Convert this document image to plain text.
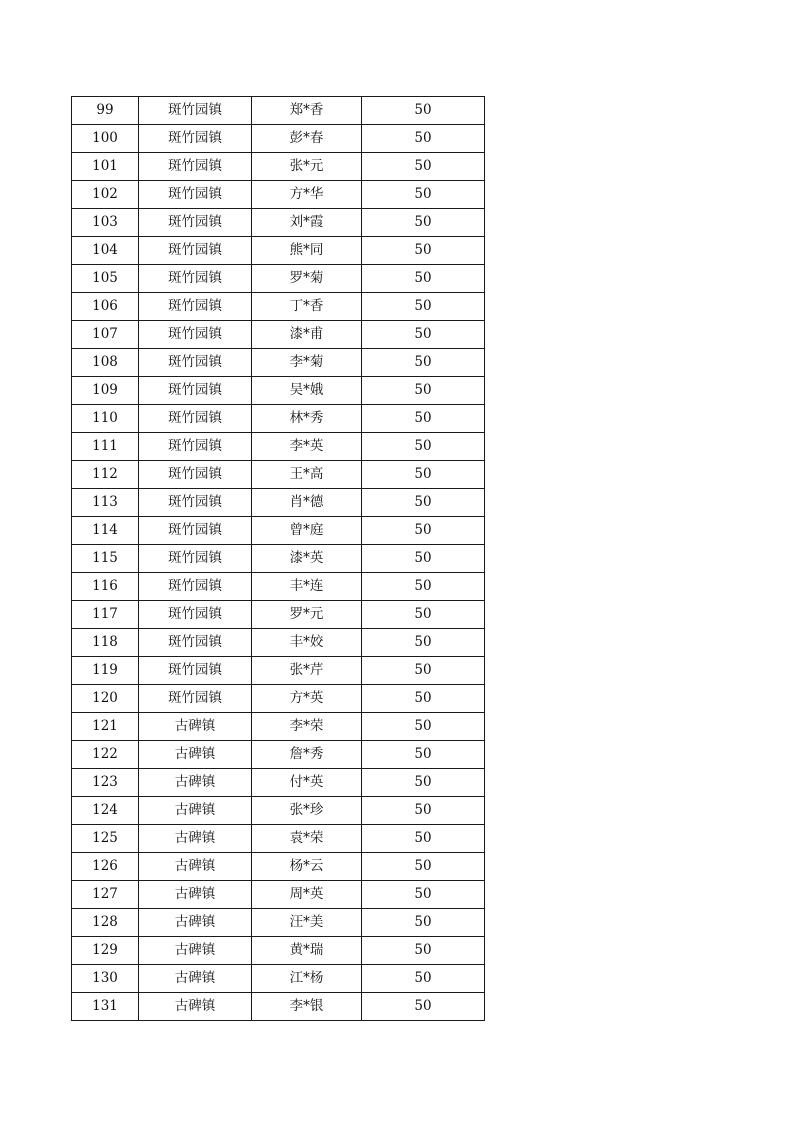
99	斑竹园镇	郑*香	50
100	斑竹园镇	彭*春	50
101	斑竹园镇	张*元	50
102	斑竹园镇	方*华	50
103	斑竹园镇	刘*霞	50
104	斑竹园镇	熊*同	50
105	斑竹园镇	罗*菊	50
106	斑竹园镇	丁*香	50
107	斑竹园镇	漆*甫	50
108	斑竹园镇	李*菊	50
109	斑竹园镇	吴*娥	50
110	斑竹园镇	林*秀	50
111	斑竹园镇	李*英	50
112	斑竹园镇	王*高	50
113	斑竹园镇	肖*德	50
114	斑竹园镇	曾*庭	50
115	斑竹园镇	漆*英	50
116	斑竹园镇	丰*连	50
117	斑竹园镇	罗*元	50
118	斑竹园镇	丰*姣	50
119	斑竹园镇	张*芹	50
120	斑竹园镇	方*英	50
121	古碑镇	李*荣	50
122	古碑镇	詹*秀	50
123	古碑镇	付*英	50
124	古碑镇	张*珍	50
125	古碑镇	袁*荣	50
126	古碑镇	杨*云	50
127	古碑镇	周*英	50
128	古碑镇	汪*美	50
129	古碑镇	黄*瑞	50
130	古碑镇	江*杨	50
131	古碑镇	李*银	50
